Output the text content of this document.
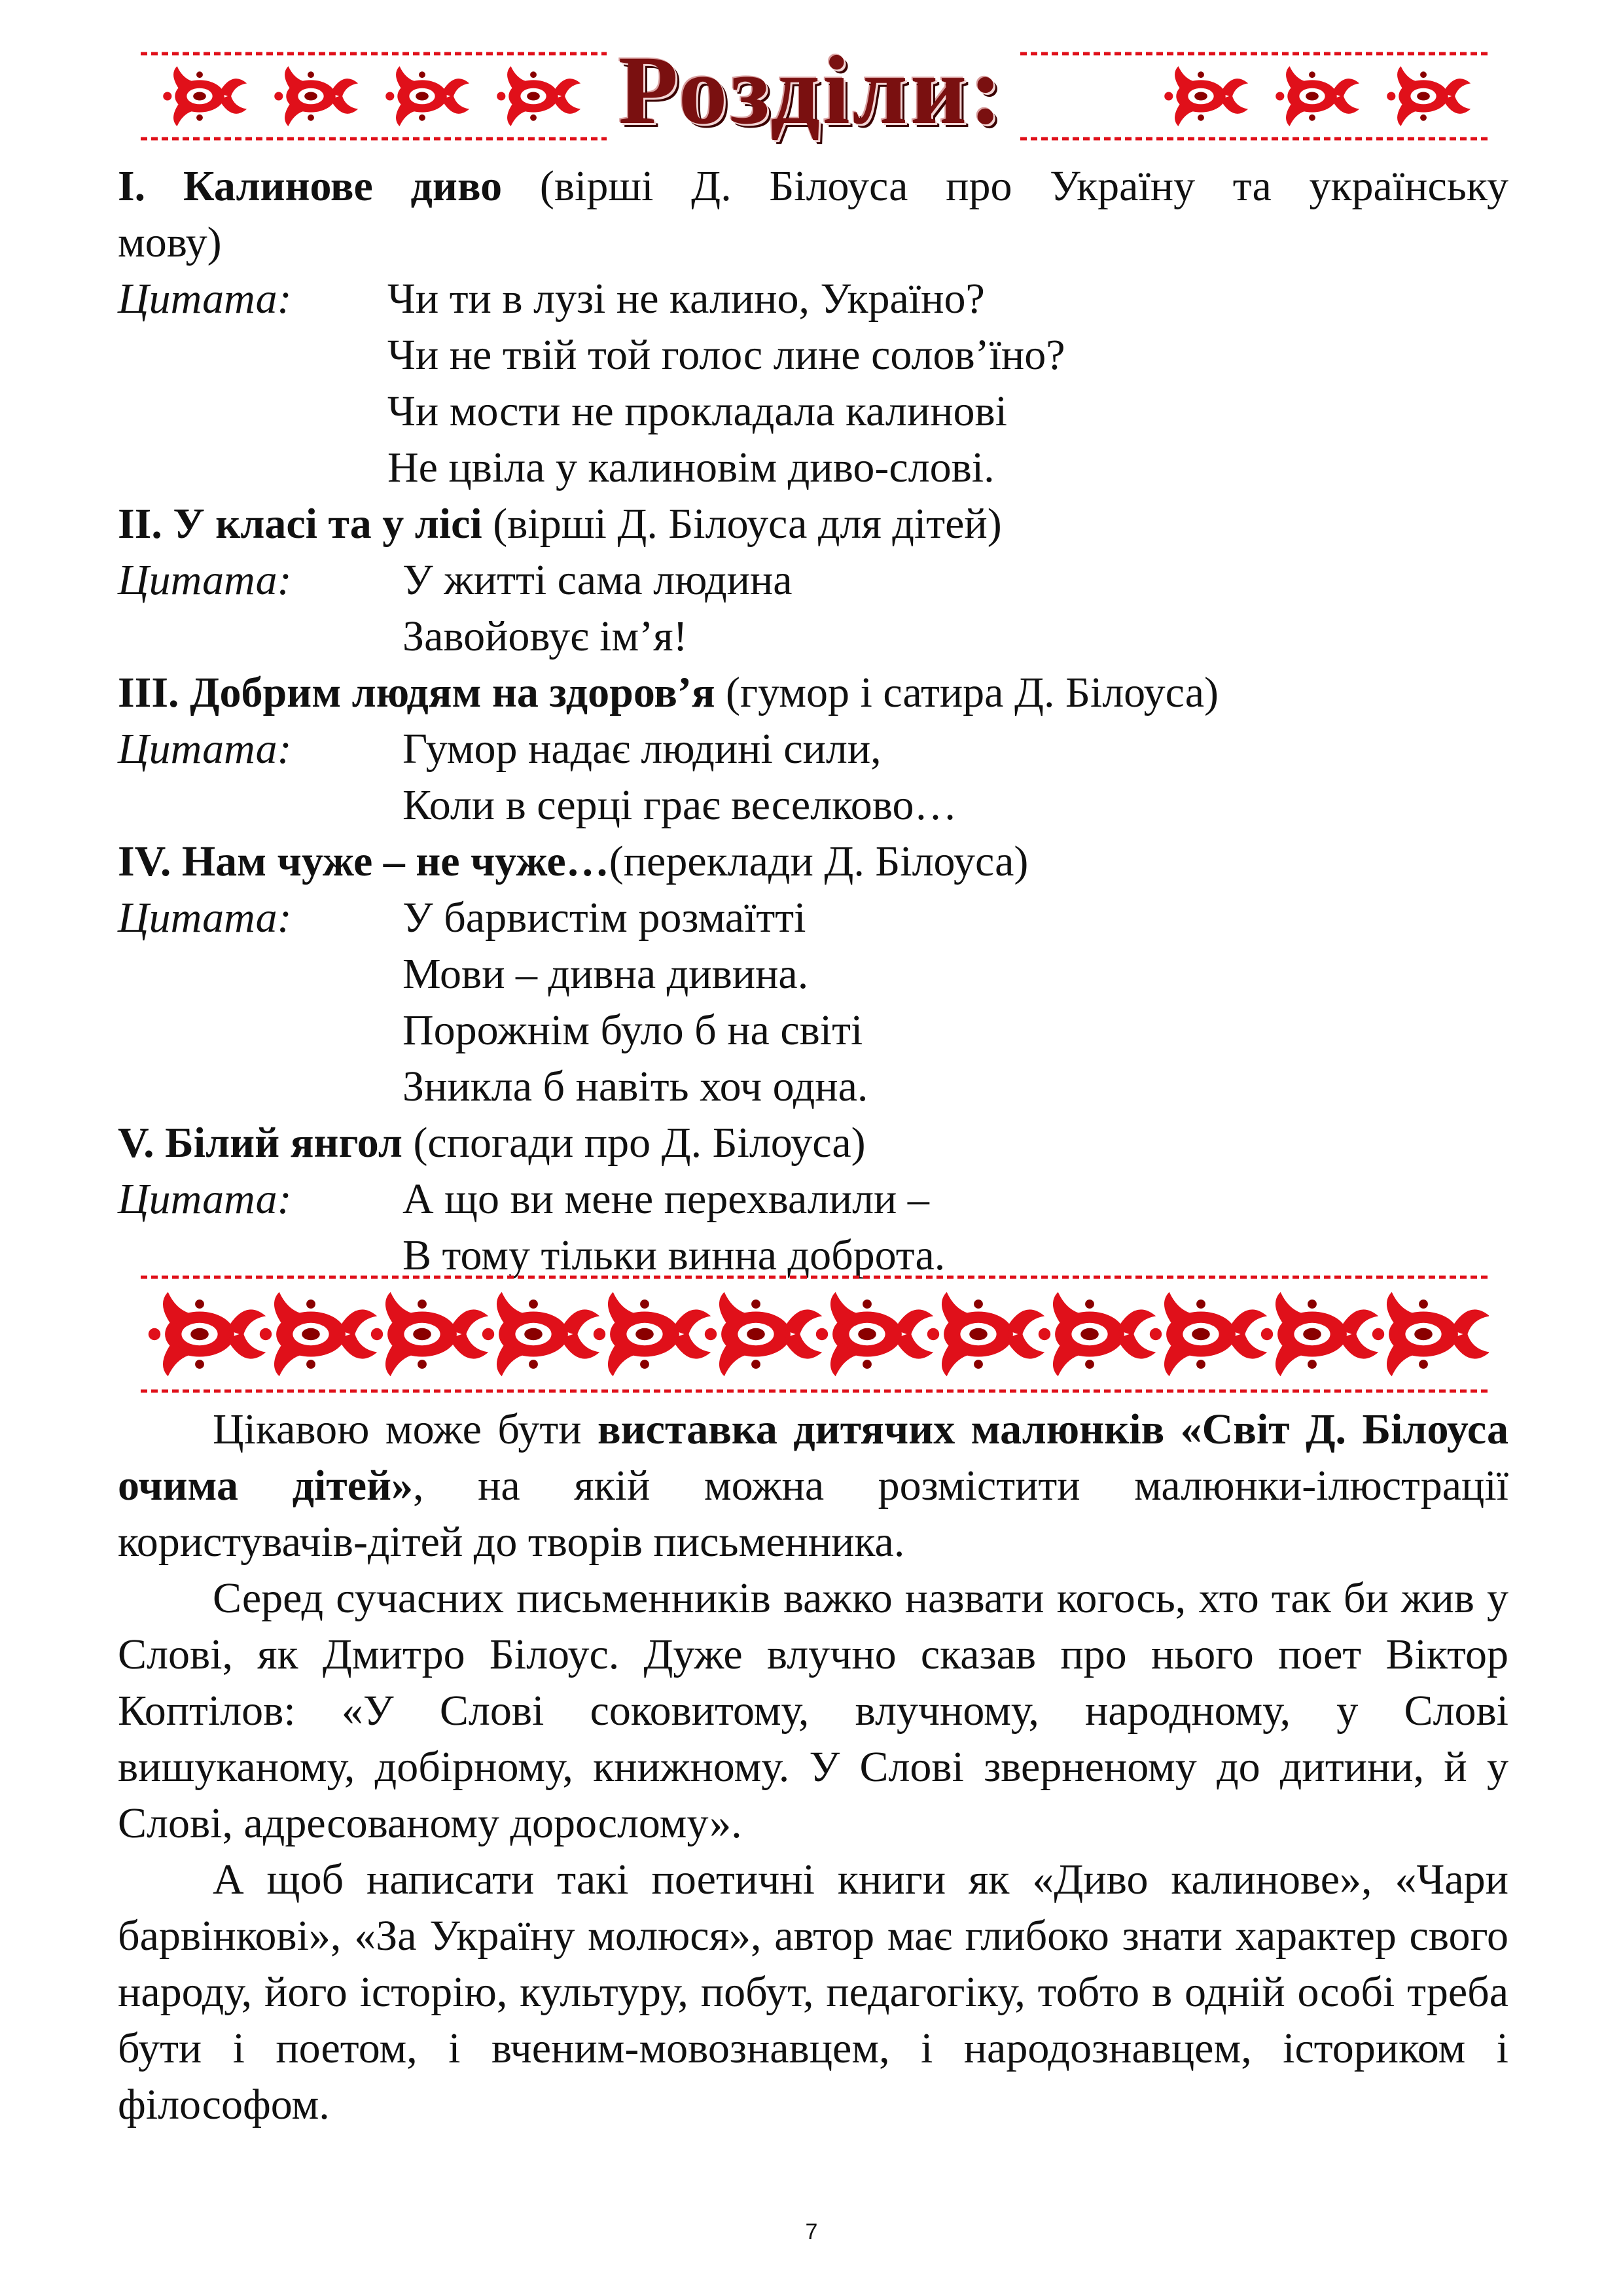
Розділи:
I. Калинове диво (вірші Д. Білоуса про Україну та українську
мову)
Цитата: Чи ти в лузі не калино, Україно?
Чи не твій той голос лине солов’їно?
Чи мости не прокладала калинові
Не цвіла у калиновім диво-слові.
II. У класі та у лісі (вірші Д. Білоуса для дітей)
Цитата:	У житті сама людина
Завойовує ім’я!
III. Добрим людям на здоров’я (гумор і сатира Д. Білоуса)
Цитата:	Гумор надає людині сили,
Коли в серці грає веселково…
IV. Нам чуже – не чуже…(переклади Д. Білоуса)
Цитата:	У барвистім розмаїтті
Мови – дивна дивина.
Порожнім було б на світі
Зникла б навіть хоч одна.
V. Білий янгол (спогади про Д. Білоуса)
Цитата:	А що ви мене перехвалили –
В тому тільки винна доброта.

Цікавою може бути виставка дитячих малюнків «Світ Д. Білоуса очима дітей», на якій можна розмістити малюнки-ілюстрації користувачів-дітей до творів письменника.

Серед сучасних письменників важко назвати когось, хто так би жив у Слові, як Дмитро Білоус. Дуже влучно сказав про нього поет Віктор Коптілов: «У Слові соковитому, влучному, народному, у Слові вишуканому, добірному, книжному. У Слові зверненому до дитини, й у Слові, адресованому дорослому».

А щоб написати такі поетичні книги як «Диво калинове», «Чари барвінкові», «За Україну молюся», автор має глибоко знати характер свого народу, його історію, культуру, побут, педагогіку, тобто в одній особі треба бути і поетом, і вченим-мовознавцем, і народознавцем, істориком і філософом.

7
